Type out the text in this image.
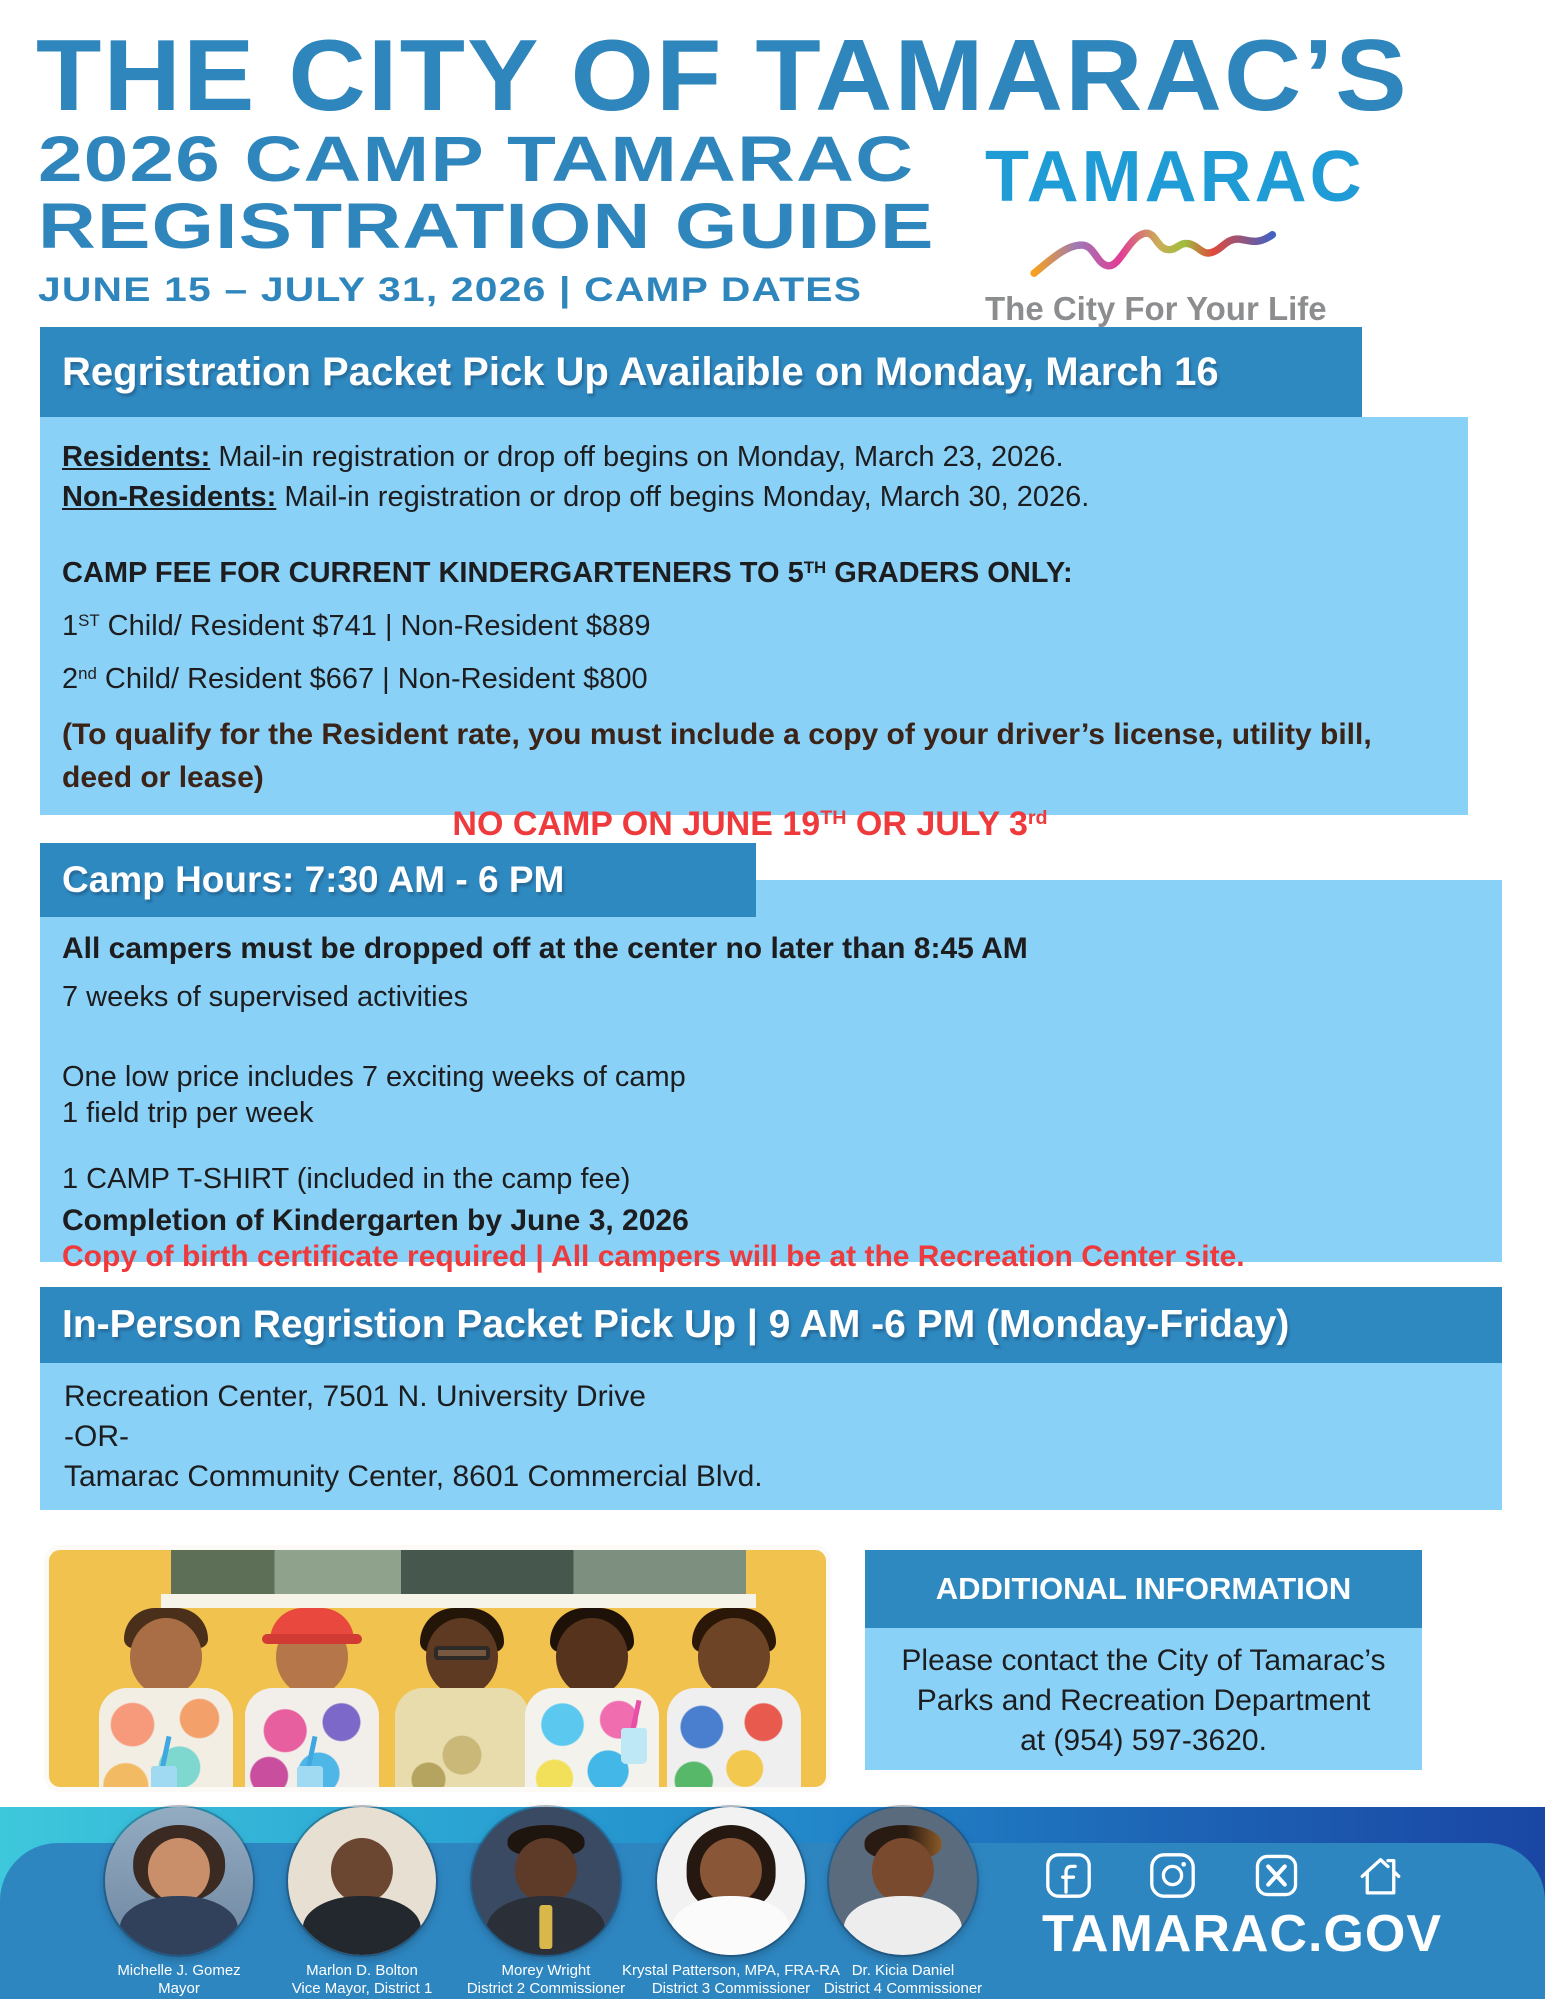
THE CITY OF TAMARAC’S
2026 CAMP TAMARAC
REGISTRATION GUIDE
JUNE 15 – JULY 31, 2026 | CAMP DATES
TAMARAC
The City For Your Life
Regristration Packet Pick Up Availaible on Monday, March 16
Residents: Mail-in registration or drop off begins on Monday, March 23, 2026.
Non-Residents: Mail-in registration or drop off begins Monday, March 30, 2026.
CAMP FEE FOR CURRENT KINDERGARTENERS TO 5TH GRADERS ONLY:
1ST Child/ Resident $741 | Non-Resident $889
2nd Child/ Resident $667 | Non-Resident $800
(To qualify for the Resident rate, you must include a copy of your driver’s license, utility bill, deed or lease)
NO CAMP ON JUNE 19TH OR JULY 3rd
All campers must be dropped off at the center no later than 8:45 AM
7 weeks of supervised activities
One low price includes 7 exciting weeks of camp
1 field trip per week
1 CAMP T-SHIRT (included in the camp fee)
Completion of Kindergarten by June 3, 2026
Copy of birth certificate required | All campers will be at the Recreation Center site.
Camp Hours: 7:30 AM - 6 PM
In-Person Regristion Packet Pick Up | 9 AM -6 PM (Monday-Friday)
Recreation Center, 7501 N. University Drive
-OR-
Tamarac Community Center, 8601 Commercial Blvd.
ADDITIONAL INFORMATION
Please contact the City of Tamarac’s
Parks and Recreation Department
at (954) 597-3620.
Michelle J. Gomez
Mayor
Marlon D. Bolton
Vice Mayor, District 1
Morey Wright
District 2 Commissioner
Krystal Patterson, MPA, FRA-RA
District 3 Commissioner
Dr. Kicia Daniel
District 4 Commissioner
TAMARAC.GOV
